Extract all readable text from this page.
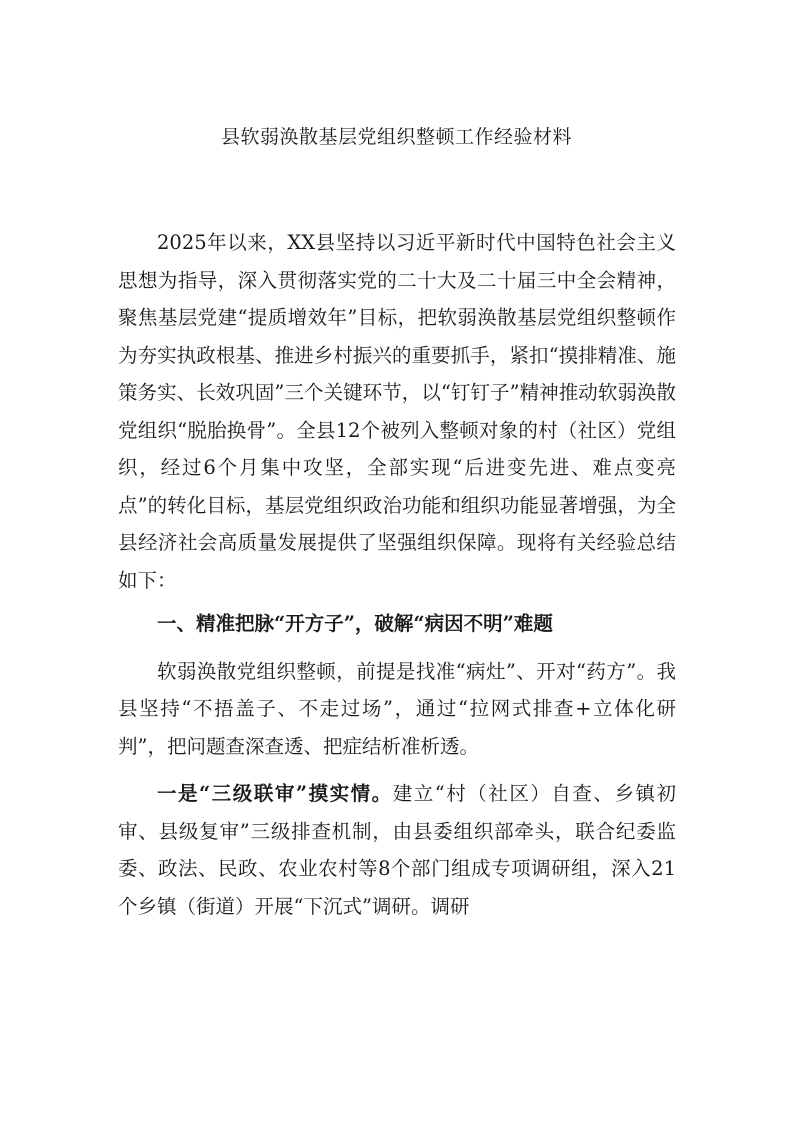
县软弱涣散基层党组织整顿工作经验材料

2025年以来，XX县坚持以习近平新时代中国特色社会主义思想为指导，深入贯彻落实党的二十大及二十届三中全会精神，聚焦基层党建“提质增效年”目标，把软弱涣散基层党组织整顿作为夯实执政根基、推进乡村振兴的重要抓手，紧扣“摸排精准、施策务实、长效巩固”三个关键环节，以“钉钉子”精神推动软弱涣散党组织“脱胎换骨”。全县12个被列入整顿对象的村（社区）党组织，经过6个月集中攻坚，全部实现“后进变先进、难点变亮点”的转化目标，基层党组织政治功能和组织功能显著增强，为全县经济社会高质量发展提供了坚强组织保障。现将有关经验总结如下：

一、精准把脉“开方子”，破解“病因不明”难题

软弱涣散党组织整顿，前提是找准“病灶”、开对“药方”。我县坚持“不捂盖子、不走过场”，通过“拉网式排查+立体化研判”，把问题查深查透、把症结析准析透。

一是“三级联审”摸实情。建立“村（社区）自查、乡镇初审、县级复审”三级排查机制，由县委组织部牵头，联合纪委监委、政法、民政、农业农村等8个部门组成专项调研组，深入21个乡镇（街道）开展“下沉式”调研。调研
